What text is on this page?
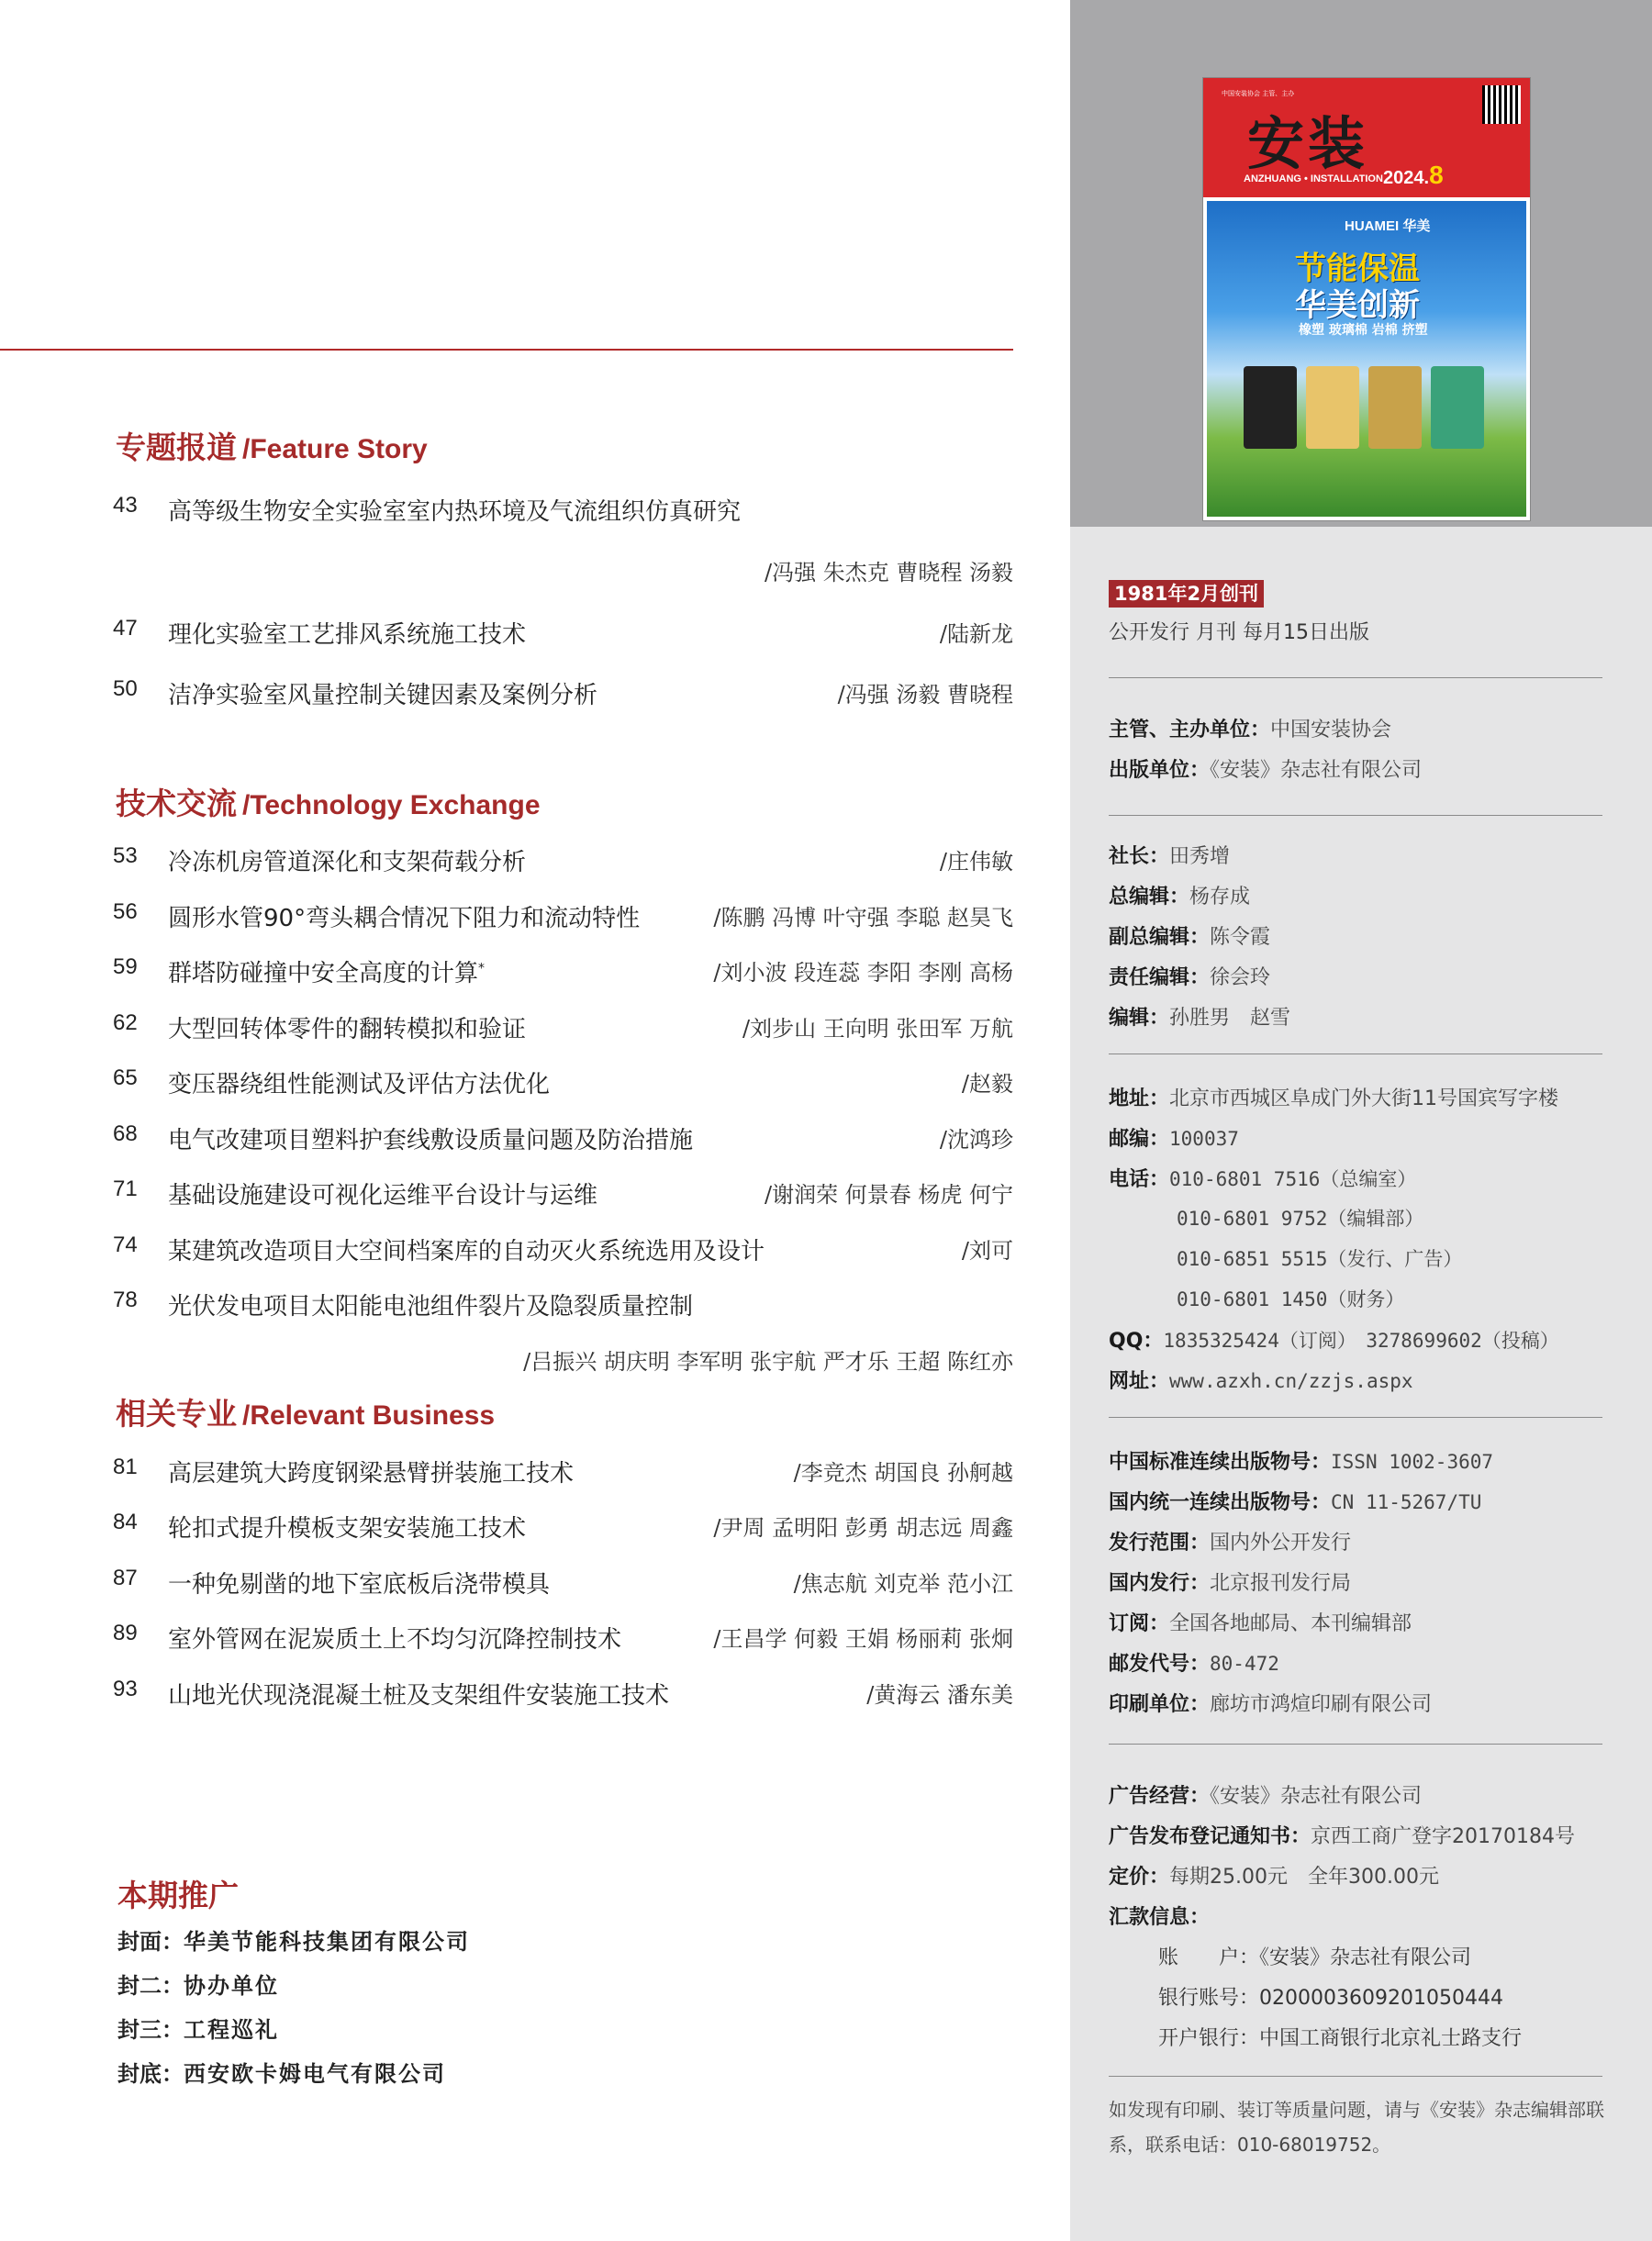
专题报道 /Feature Story
43 高等级生物安全实验室室内热环境及气流组织仿真研究
/冯强 朱杰克 曹晓程 汤毅
47 理化实验室工艺排风系统施工技术	/陆新龙
50 洁净实验室风量控制关键因素及案例分析	/冯强 汤毅 曹晓程
技术交流 /Technology Exchange
53 冷冻机房管道深化和支架荷载分析	/庄伟敏
56 圆形水管90°弯头耦合情况下阻力和流动特性	/陈鹏 冯博 叶守强 李聪 赵昊飞
59 群塔防碰撞中安全高度的计算*	/刘小波 段连蕊 李阳 李刚 高杨
62 大型回转体零件的翻转模拟和验证	/刘步山 王向明 张田军 万航
65 变压器绕组性能测试及评估方法优化	/赵毅
68 电气改建项目塑料护套线敷设质量问题及防治措施	/沈鸿珍
71 基础设施建设可视化运维平台设计与运维	/谢润荣 何景春 杨虎 何宁
74 某建筑改造项目大空间档案库的自动灭火系统选用及设计	/刘可
78 光伏发电项目太阳能电池组件裂片及隐裂质量控制
/吕振兴 胡庆明 李军明 张宇航 严才乐 王超 陈红亦
相关专业 /Relevant Business
81 高层建筑大跨度钢梁悬臂拼装施工技术	/李竞杰 胡国良 孙舸越
84 轮扣式提升模板支架安装施工技术	/尹周 孟明阳 彭勇 胡志远 周鑫
87 一种免剔凿的地下室底板后浇带模具	/焦志航 刘克举 范小江
89 室外管网在泥炭质土上不均匀沉降控制技术	/王昌学 何毅 王娟 杨丽莉 张炯
93 山地光伏现浇混凝土桩及支架组件安装施工技术	/黄海云 潘东美
本期推广
封面：华美节能科技集团有限公司
封二：协办单位
封三：工程巡礼
封底：西安欧卡姆电气有限公司
中国安装协会 主管、主办
安装
ANZHUANG • INSTALLATION 2024.8
HUAMEI 华美
节能保温
华美创新
橡塑 玻璃棉 岩棉 挤塑
1981年2月创刊
公开发行 月刊 每月15日出版
主管、主办单位：中国安装协会
出版单位：《安装》杂志社有限公司
社长：田秀增
总编辑：杨存成
副总编辑：陈令霞
责任编辑：徐会玲
编辑：孙胜男　赵雪
地址：北京市西城区阜成门外大街11号国宾写字楼
邮编：100037
电话：010-6801 7516（总编室）
010-6801 9752（编辑部）
010-6851 5515（发行、广告）
010-6801 1450（财务）
QQ：1835325424（订阅）　3278699602（投稿）
网址：www.azxh.cn/zzjs.aspx
中国标准连续出版物号：ISSN 1002-3607
国内统一连续出版物号：CN 11-5267/TU
发行范围：国内外公开发行
国内发行：北京报刊发行局
订阅：全国各地邮局、本刊编辑部
邮发代号：80-472
印刷单位：廊坊市鸿煊印刷有限公司
广告经营：《安装》杂志社有限公司
广告发布登记通知书：京西工商广登字20170184号
定价：每期25.00元　全年300.00元
汇款信息：
账　　户：《安装》杂志社有限公司
银行账号：0200003609201050444
开户银行：中国工商银行北京礼士路支行
如发现有印刷、装订等质量问题，请与《安装》杂志编辑部联系，联系电话：010-68019752。
